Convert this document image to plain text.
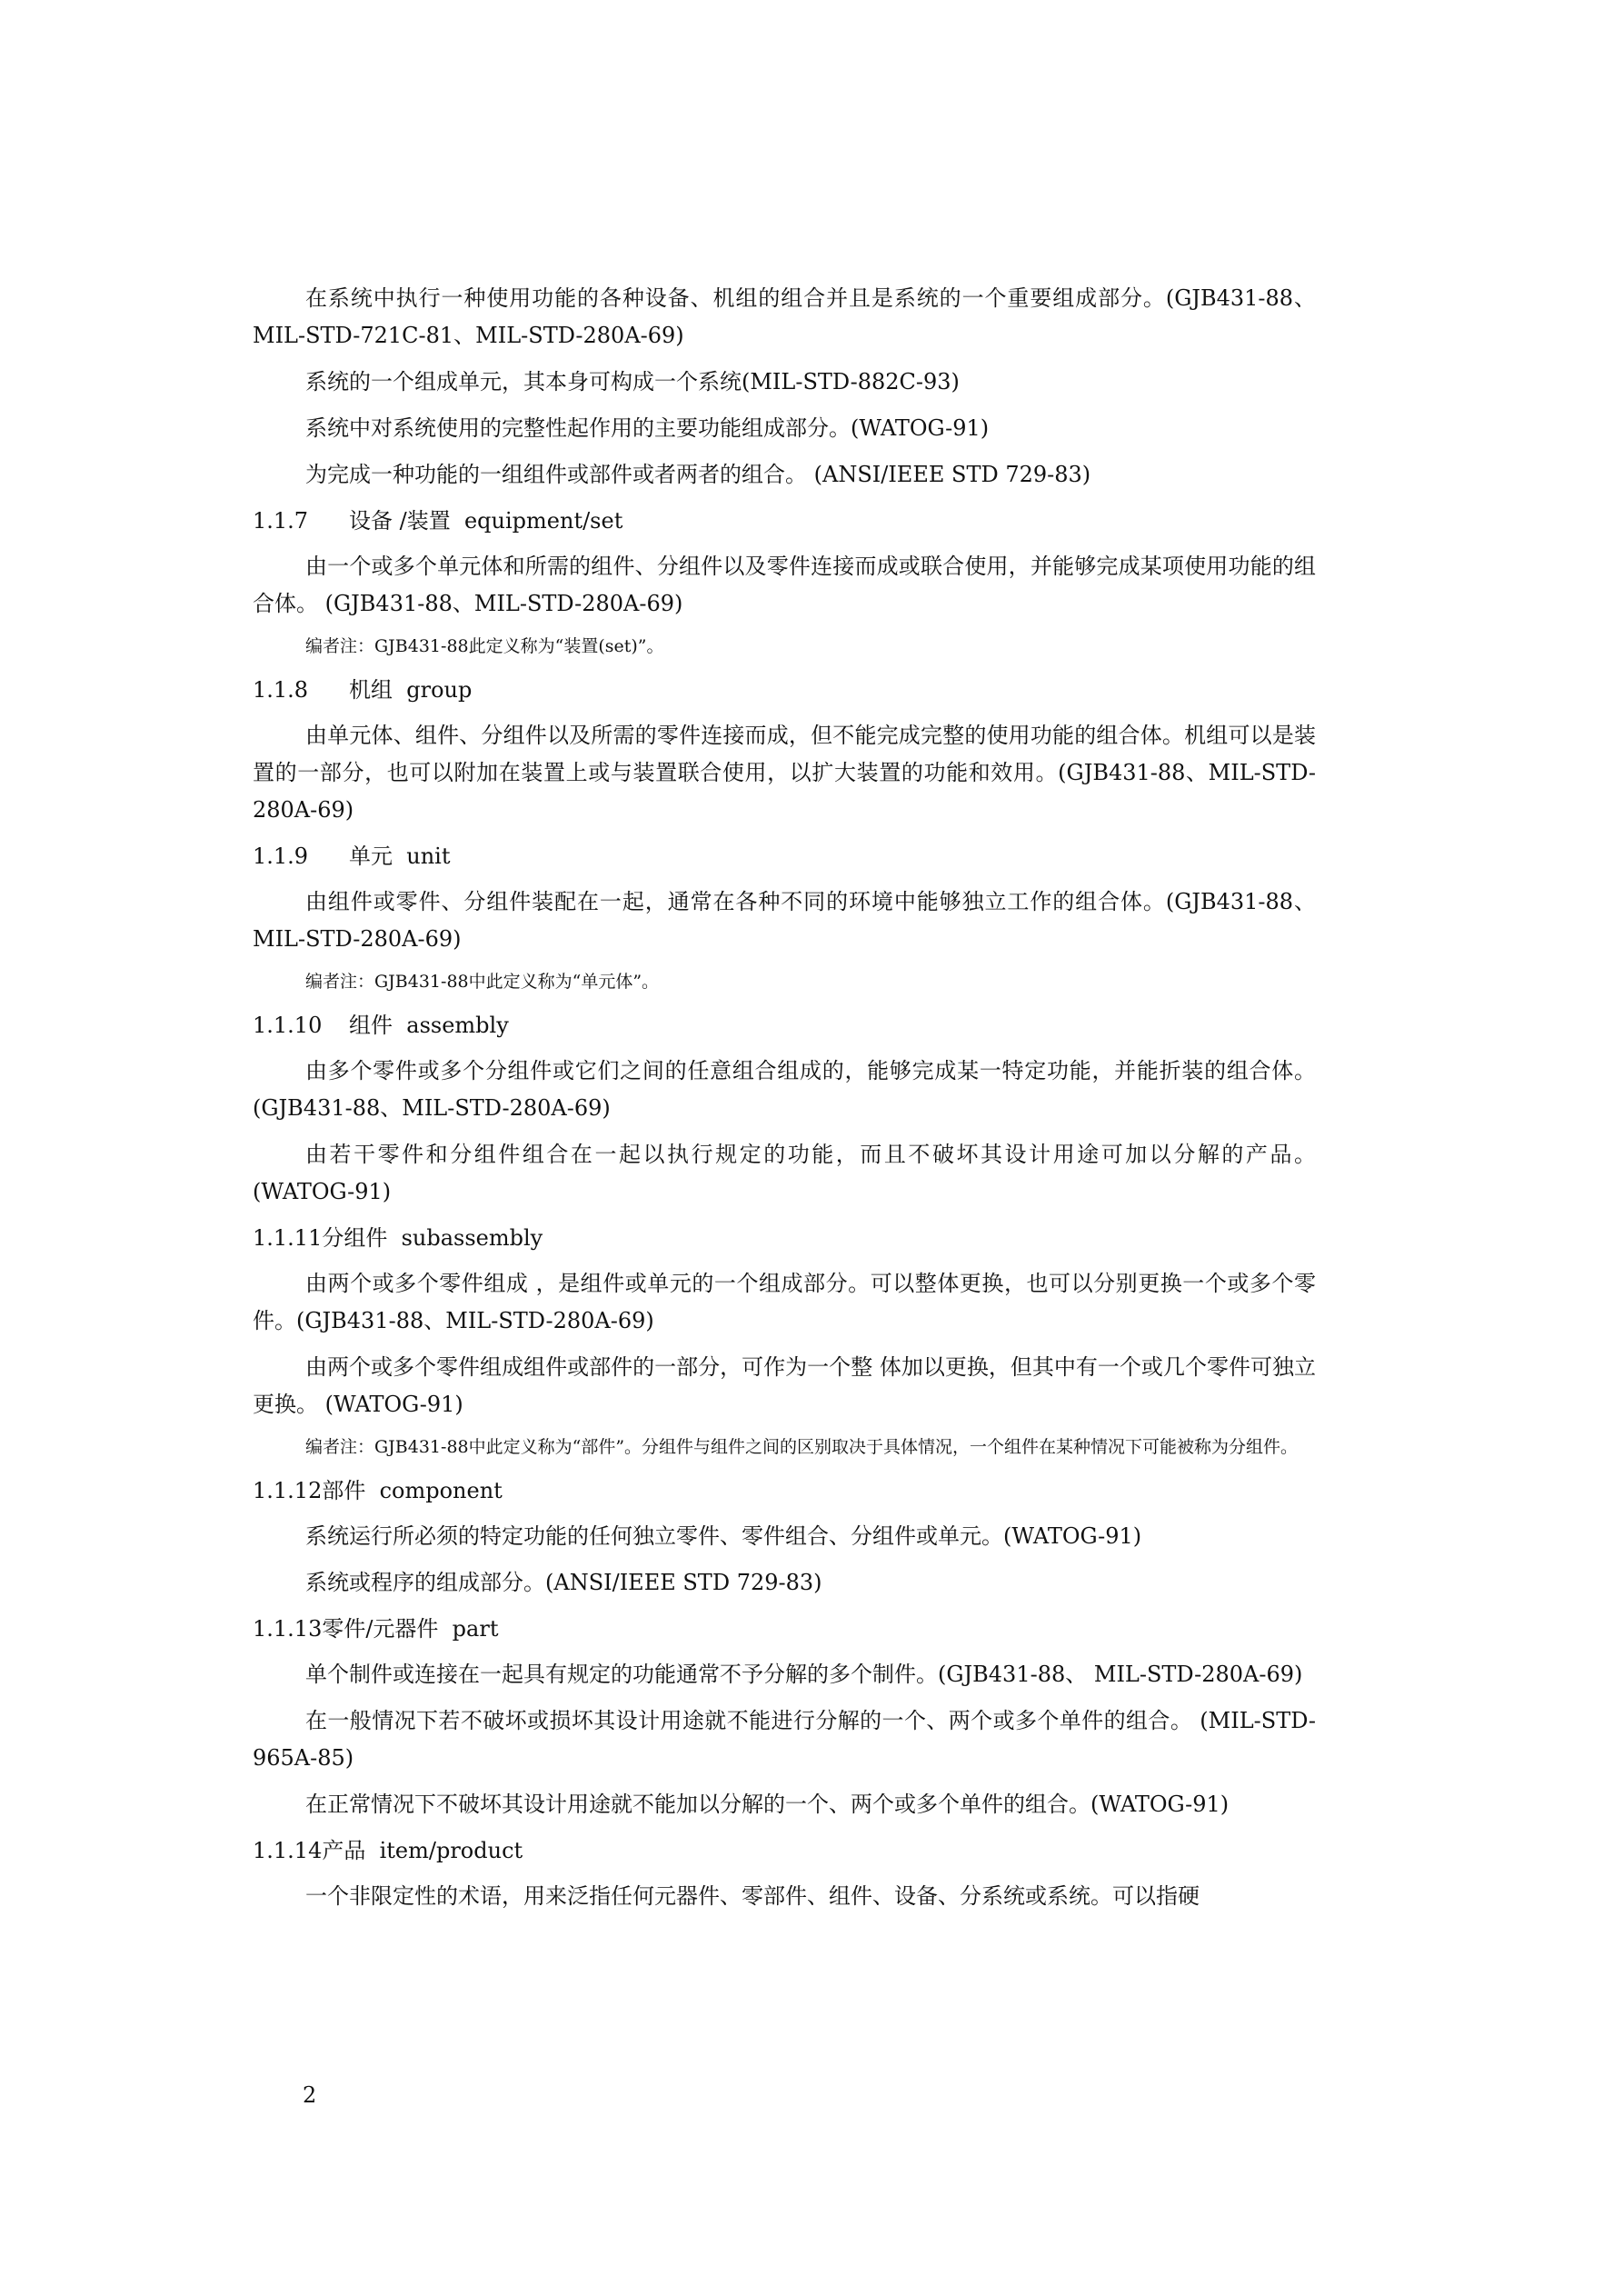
在系统中执行一种使用功能的各种设备、机组的组合并且是系统的一个重要组成部分。(GJB431-88、MIL-STD-721C-81、MIL-STD-280A-69)

系统的一个组成单元，其本身可构成一个系统(MIL-STD-882C-93)

系统中对系统使用的完整性起作用的主要功能组成部分。(WATOG-91)

为完成一种功能的一组组件或部件或者两者的组合。 (ANSI/IEEE STD 729-83)

1.1.7 设备 /装置  equipment/set

由一个或多个单元体和所需的组件、分组件以及零件连接而成或联合使用，并能够完成某项使用功能的组合体。 (GJB431-88、MIL-STD-280A-69)

编者注：GJB431-88此定义称为“装置(set)”。

1.1.8 机组  group

由单元体、组件、分组件以及所需的零件连接而成，但不能完成完整的使用功能的组合体。机组可以是装置的一部分，也可以附加在装置上或与装置联合使用，以扩大装置的功能和效用。(GJB431-88、MIL-STD-280A-69)

1.1.9 单元  unit

由组件或零件、分组件装配在一起，通常在各种不同的环境中能够独立工作的组合体。(GJB431-88、MIL-STD-280A-69)

编者注：GJB431-88中此定义称为“单元体”。

1.1.10 组件  assembly

由多个零件或多个分组件或它们之间的任意组合组成的，能够完成某一特定功能，并能折装的组合体。(GJB431-88、MIL-STD-280A-69)

由若干零件和分组件组合在一起以执行规定的功能，而且不破坏其设计用途可加以分解的产品。(WATOG-91)

1.1.11分组件  subassembly

由两个或多个零件组成 ，是组件或单元的一个组成部分。可以整体更换，也可以分别更换一个或多个零件。(GJB431-88、MIL-STD-280A-69)

由两个或多个零件组成组件或部件的一部分，可作为一个整 体加以更换，但其中有一个或几个零件可独立更换。 (WATOG-91)

编者注：GJB431-88中此定义称为“部件”。分组件与组件之间的区别取决于具体情况，一个组件在某种情况下可能被称为分组件。

1.1.12部件  component

系统运行所必须的特定功能的任何独立零件、零件组合、分组件或单元。(WATOG-91)

系统或程序的组成部分。(ANSI/IEEE STD 729-83)

1.1.13零件/元器件  part

单个制件或连接在一起具有规定的功能通常不予分解的多个制件。(GJB431-88、 MIL-STD-280A-69)

在一般情况下若不破坏或损坏其设计用途就不能进行分解的一个、两个或多个单件的组合。 (MIL-STD-965A-85)

在正常情况下不破坏其设计用途就不能加以分解的一个、两个或多个单件的组合。(WATOG-91)

1.1.14产品  item/product

一个非限定性的术语，用来泛指任何元器件、零部件、组件、设备、分系统或系统。可以指硬

2
